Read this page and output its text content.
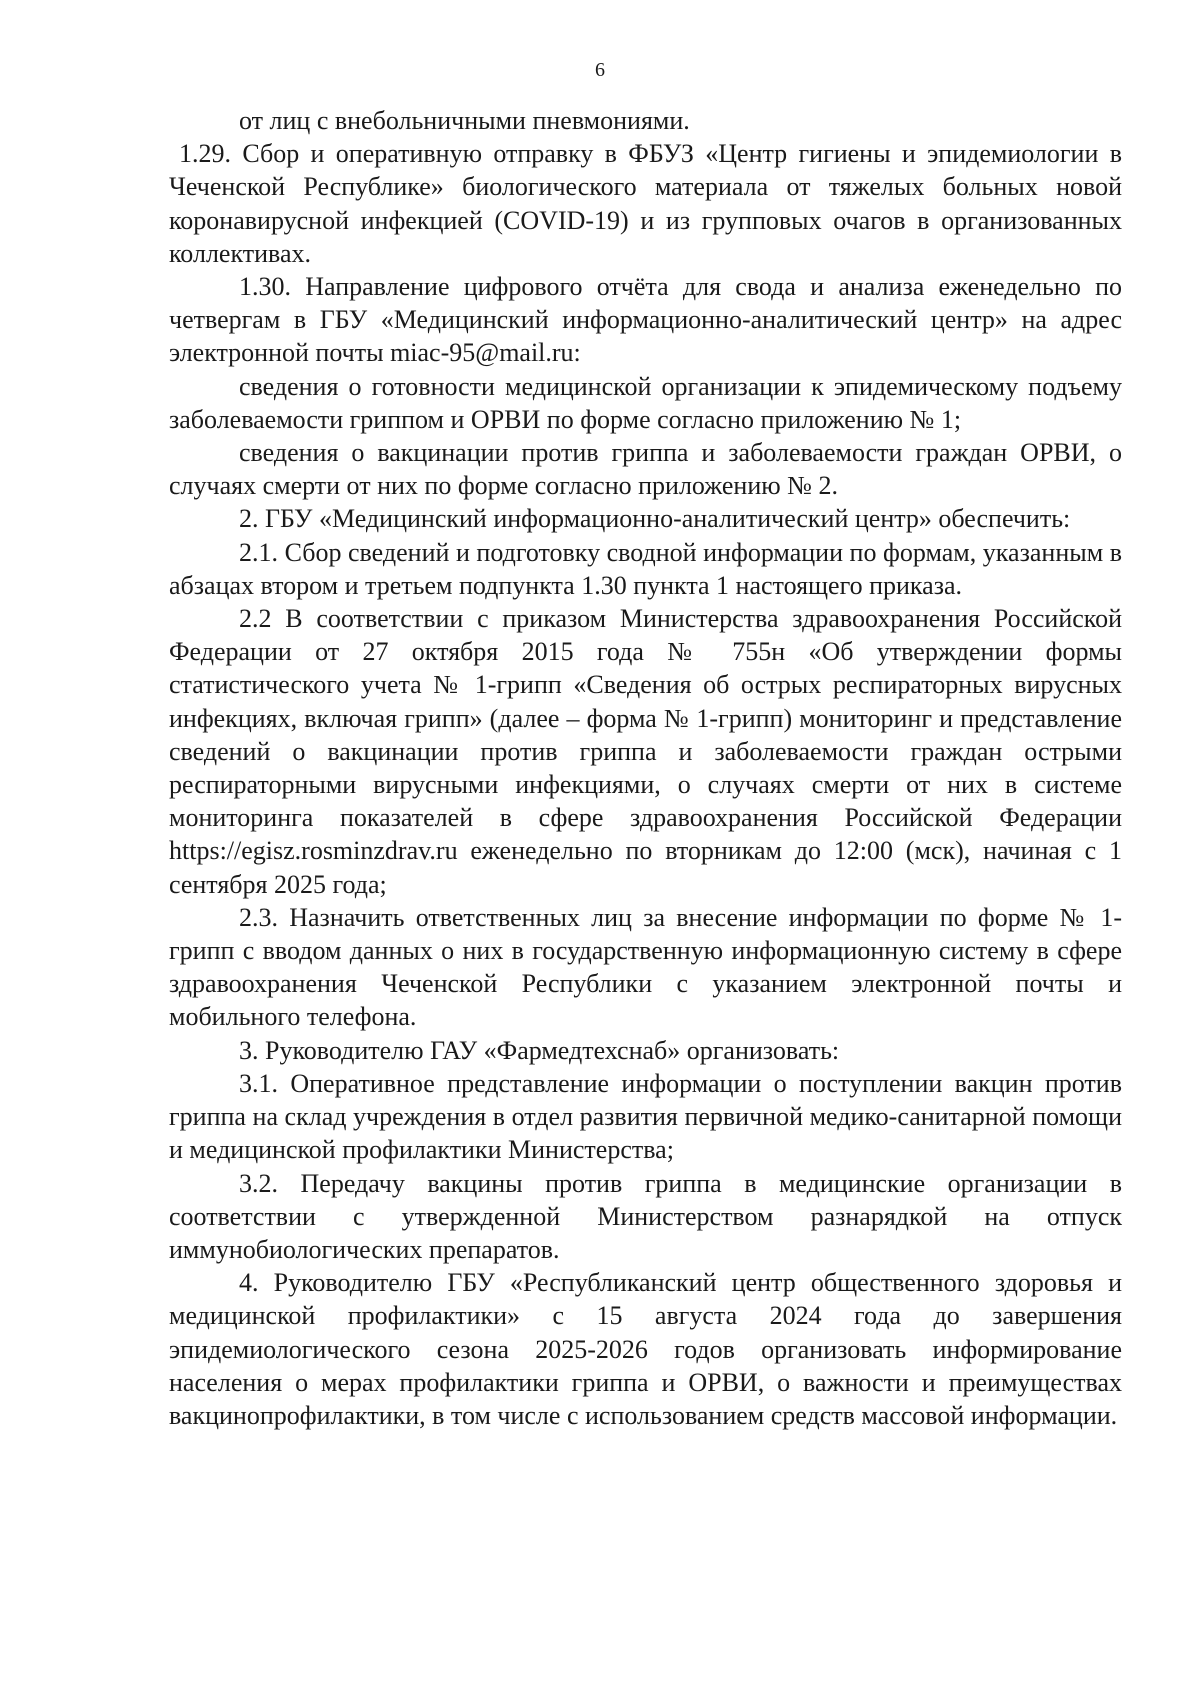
6

от лиц с внебольничными пневмониями.

1.29. Сбор и оперативную отправку в ФБУЗ «Центр гигиены и эпидемиологии в Чеченской Республике» биологического материала от тяжелых больных новой коронавирусной инфекцией (COVID-19) и из групповых очагов в организованных коллективах.

1.30. Направление цифрового отчёта для свода и анализа еженедельно по четвергам в ГБУ «Медицинский информационно-аналитический центр» на адрес электронной почты miac-95@mail.ru:

сведения о готовности медицинской организации к эпидемическому подъему заболеваемости гриппом и ОРВИ по форме согласно приложению № 1;

сведения о вакцинации против гриппа и заболеваемости граждан ОРВИ, о случаях смерти от них по форме согласно приложению № 2.

2. ГБУ «Медицинский информационно-аналитический центр» обеспечить:

2.1. Сбор сведений и подготовку сводной информации по формам, указанным в абзацах втором и третьем подпункта 1.30 пункта 1 настоящего приказа.

2.2 В соответствии с приказом Министерства здравоохранения Российской Федерации от 27 октября 2015 года № 755н «Об утверждении формы статистического учета № 1-грипп «Сведения об острых респираторных вирусных инфекциях, включая грипп» (далее – форма № 1-грипп) мониторинг и представление сведений о вакцинации против гриппа и заболеваемости граждан острыми респираторными вирусными инфекциями, о случаях смерти от них в системе мониторинга показателей в сфере здравоохранения Российской Федерации https://egisz.rosminzdrav.ru еженедельно по вторникам до 12:00 (мск), начиная с 1 сентября 2025 года;

2.3. Назначить ответственных лиц за внесение информации по форме № 1-грипп с вводом данных о них в государственную информационную систему в сфере здравоохранения Чеченской Республики с указанием электронной почты и мобильного телефона.

3. Руководителю ГАУ «Фармедтехснаб» организовать:

3.1. Оперативное представление информации о поступлении вакцин против гриппа на склад учреждения в отдел развития первичной медико-санитарной помощи и медицинской профилактики Министерства;

3.2. Передачу вакцины против гриппа в медицинские организации в соответствии с утвержденной Министерством разнарядкой на отпуск иммунобиологических препаратов.

4. Руководителю ГБУ «Республиканский центр общественного здоровья и медицинской профилактики» с 15 августа 2024 года до завершения эпидемиологического сезона 2025-2026 годов организовать информирование населения о мерах профилактики гриппа и ОРВИ, о важности и преимуществах вакцинопрофилактики, в том числе с использованием средств массовой информации.
